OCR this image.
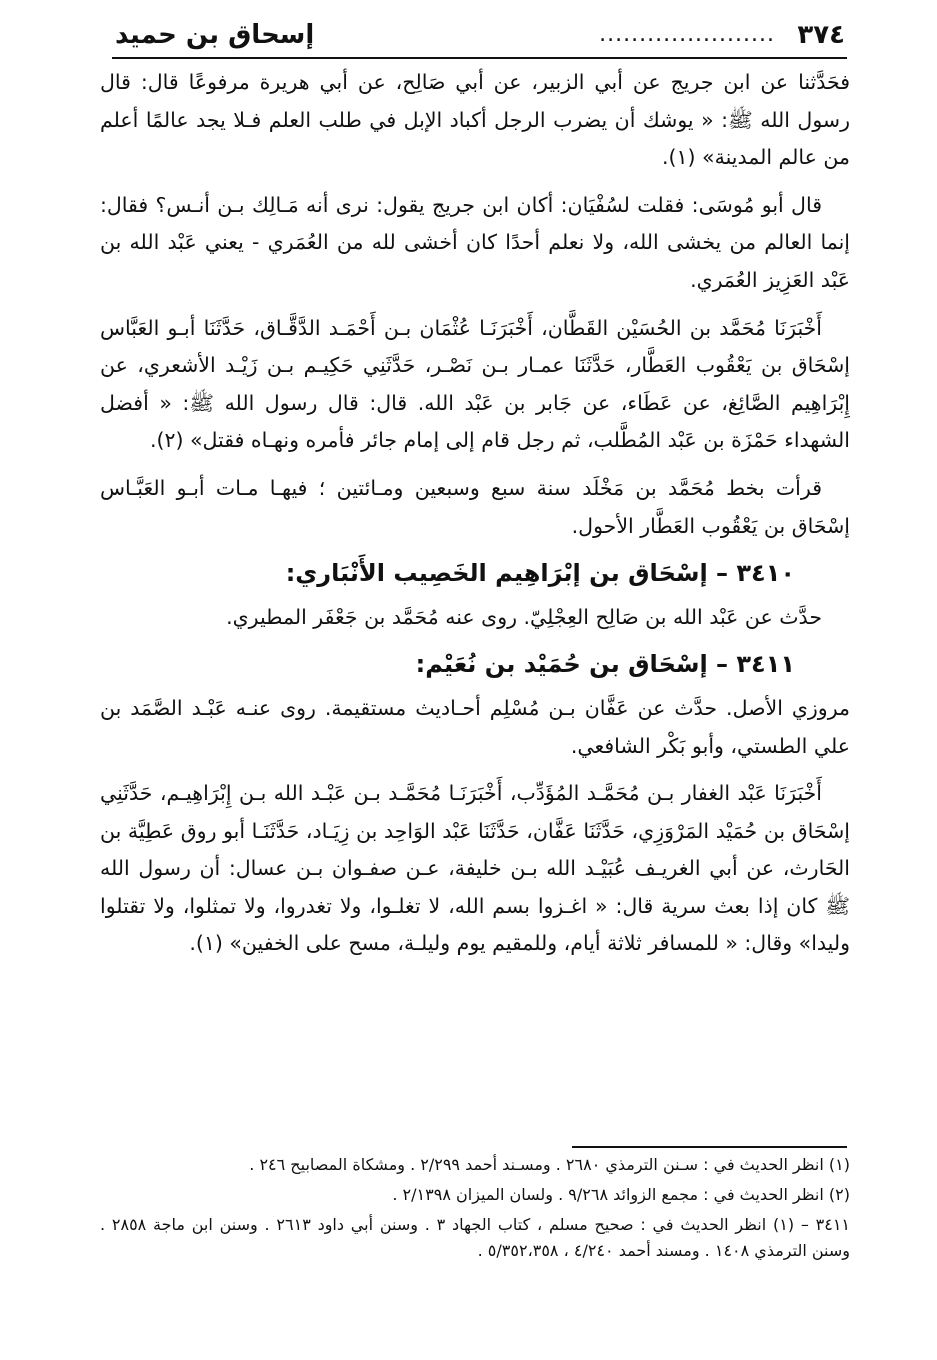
٣٧٤
......................
إسحاق بن حميد

فحَدَّثنا عن ابن جريج عن أبي الزبير، عن أبي صَالِح، عن أبي هريرة مرفوعًا قال: قال رسول الله ﷺ: « يوشك أن يضرب الرجل أكباد الإبل في طلب العلم فـلا يجد عالمًا أعلم من عالم المدينة» (١).

قال أبو مُوسَى: فقلت لسُفْيَان: أكان ابن جريج يقول: نرى أنه مَـالِك بـن أنـس؟ فقال: إنما العالم من يخشى الله، ولا نعلم أحدًا كان أخشى لله من العُمَري - يعني عَبْد الله بن عَبْد العَزِيز العُمَري.

أَخْبَرَنَا مُحَمَّد بن الحُسَيْن القَطَّان، أَخْبَرَنَـا عُثْمَان بـن أَحْمَـد الدَّقَّـاق، حَدَّثَنَا أبـو العَبَّاس إسْحَاق بن يَعْقُوب العَطَّار، حَدَّثَنَا عمـار بـن نَصْـر، حَدَّثَنِي حَكِيـم بـن زَيْـد الأشعري، عن إِبْرَاهِيم الصَّائِغ، عن عَطَاء، عن جَابر بن عَبْد الله. قال: قال رسول الله ﷺ: « أفضل الشهداء حَمْزَة بن عَبْد المُطَّلب، ثم رجل قام إلى إمام جائر فأمره ونهـاه فقتل» (٢).

قرأت بخط مُحَمَّد بن مَخْلَد سنة سبع وسبعين ومـائتين ؛ فيهـا مـات أبـو العَبَّـاس إسْحَاق بن يَعْقُوب العَطَّار الأحول.

٣٤١٠ – إسْحَاق بن إبْرَاهِيم الخَصِيب الأَنْبَاري:

حدَّث عن عَبْد الله بن صَالِح العِجْلِيّ. روى عنه مُحَمَّد بن جَعْفَر المطيري.

٣٤١١ – إسْحَاق بن حُمَيْد بن نُعَيْم:

مروزي الأصل. حدَّث عن عَفَّان بـن مُسْلِم أحـاديث مستقيمة. روى عنـه عَبْـد الصَّمَد بن علي الطستي، وأبو بَكْر الشافعي.

أَخْبَرَنَا عَبْد الغفار بـن مُحَمَّـد المُؤَدِّب، أَخْبَرَنَـا مُحَمَّـد بـن عَبْـد الله بـن إِبْرَاهِيـم، حَدَّثَنِي إسْحَاق بن حُمَيْد المَرْوَزِي، حَدَّثَنَا عَفَّان، حَدَّثَنَا عَبْد الوَاحِد بن زِيَـاد، حَدَّثَنَـا أبو روق عَطِيَّة بن الحَارث، عن أبي الغريـف عُبَيْـد الله بـن خليفة، عـن صفـوان بـن عسال: أن رسول الله ﷺ كان إذا بعث سرية قال: « اغـزوا بسم الله، لا تغلـوا، ولا تغدروا، ولا تمثلوا، ولا تقتلوا وليدا» وقال: « للمسافر ثلاثة أيام، وللمقيم يوم وليلـة، مسح على الخفين» (١).

(١) انظر الحديث في : سـنن الترمذي ٢٦٨٠ . ومسـند أحمد ٢/٢٩٩ . ومشكاة المصابيح ٢٤٦ .

(٢) انظر الحديث في : مجمع الزوائد ٩/٢٦٨ . ولسان الميزان ٢/١٣٩٨ .

٣٤١١ – (١) انظر الحديث في : صحيح مسلم ، كتاب الجهاد ٣ . وسنن أبي داود ٢٦١٣ . وسنن ابن ماجة ٢٨٥٨ . وسنن الترمذي ١٤٠٨ . ومسند أحمد ٤/٢٤٠ ، ٥/٣٥٢،٣٥٨ .
